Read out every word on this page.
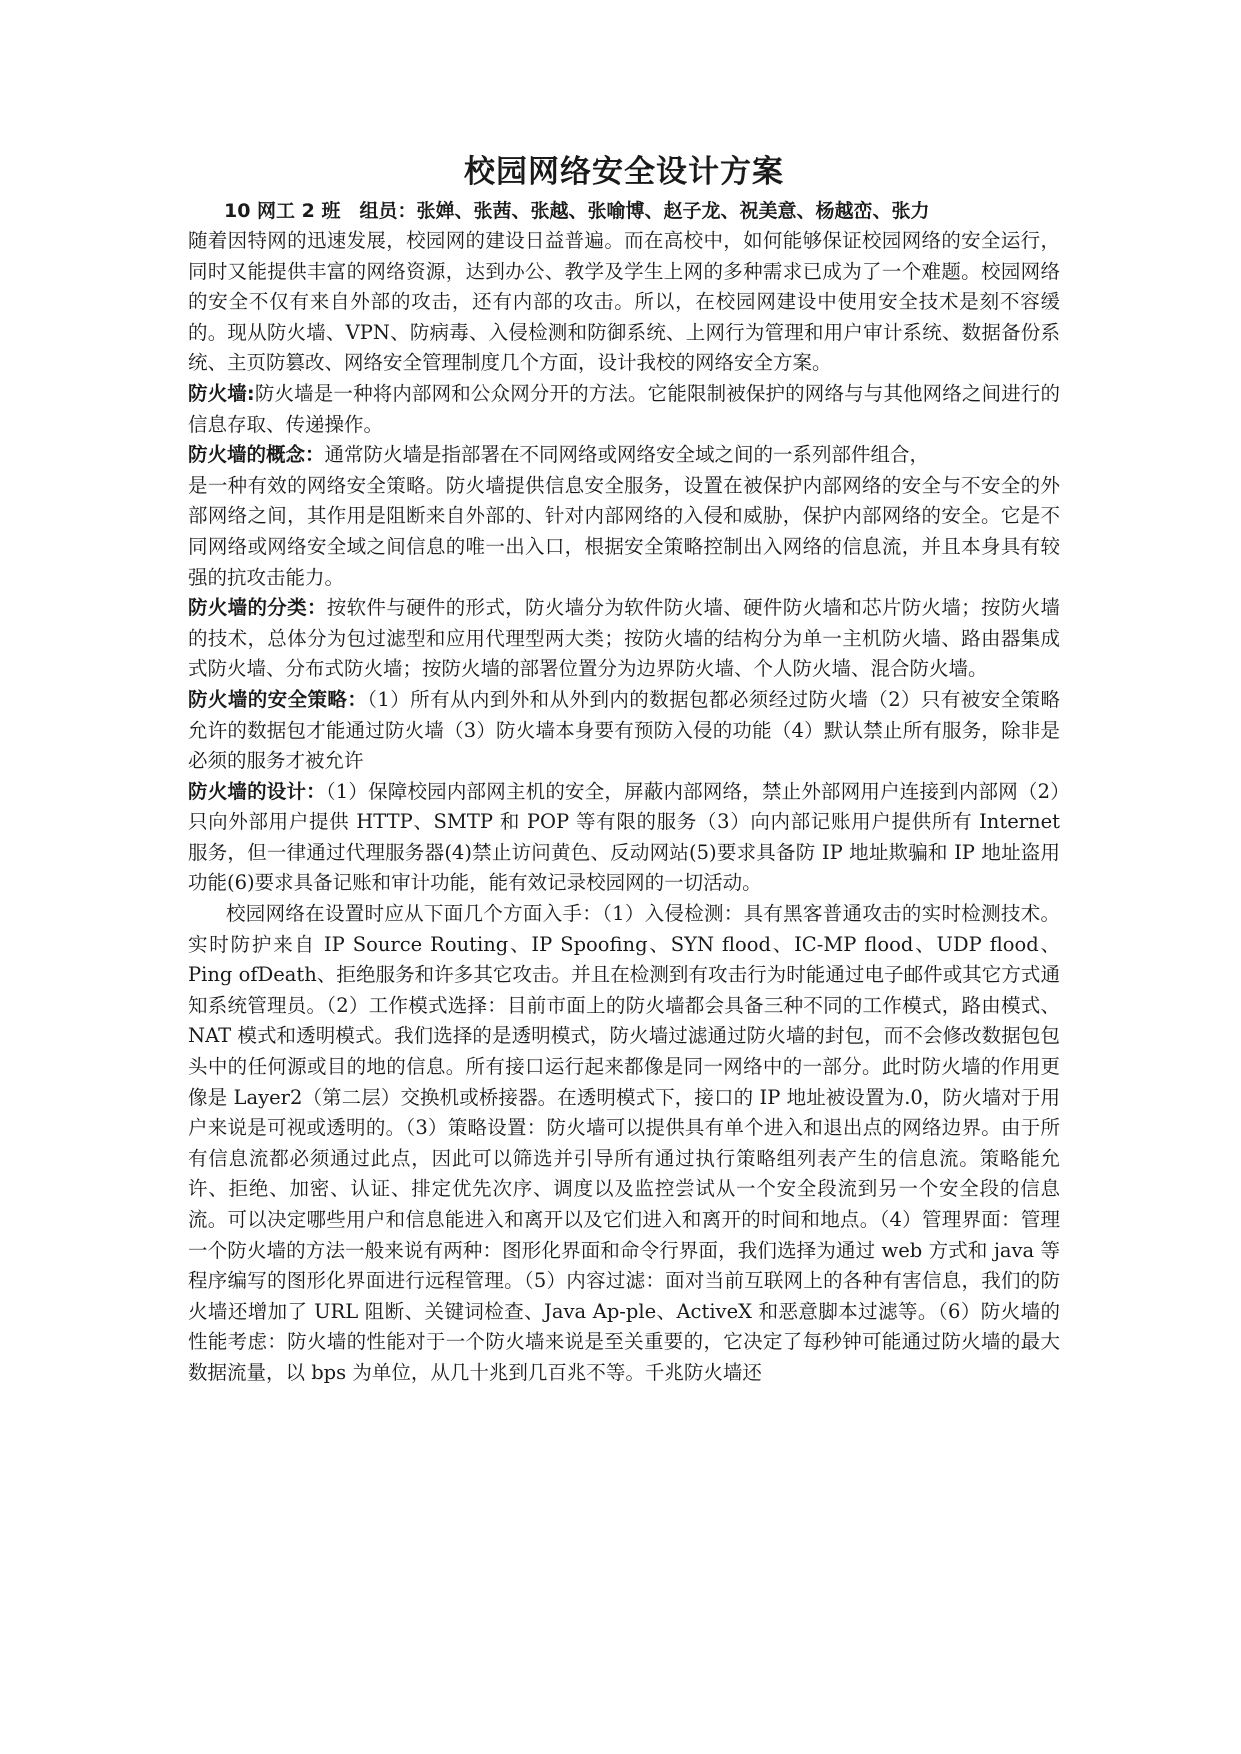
校园网络安全设计方案
10 网工 2 班　组员：张婵、张茜、张越、张喻博、赵子龙、祝美意、杨越峦、张力

随着因特网的迅速发展，校园网的建设日益普遍。而在高校中，如何能够保证校园网络的安全运行，同时又能提供丰富的网络资源，达到办公、教学及学生上网的多种需求已成为了一个难题。校园网络的安全不仅有来自外部的攻击，还有内部的攻击。所以，在校园网建设中使用安全技术是刻不容缓的。现从防火墙、VPN、防病毒、入侵检测和防御系统、上网行为管理和用户审计系统、数据备份系统、主页防篡改、网络安全管理制度几个方面，设计我校的网络安全方案。

防火墙:防火墙是一种将内部网和公众网分开的方法。它能限制被保护的网络与与其他网络之间进行的信息存取、传递操作。

防火墙的概念：通常防火墙是指部署在不同网络或网络安全域之间的一系列部件组合，

是一种有效的网络安全策略。防火墙提供信息安全服务，设置在被保护内部网络的安全与不安全的外部网络之间，其作用是阻断来自外部的、针对内部网络的入侵和威胁，保护内部网络的安全。它是不同网络或网络安全域之间信息的唯一出入口，根据安全策略控制出入网络的信息流，并且本身具有较强的抗攻击能力。

防火墙的分类：按软件与硬件的形式，防火墙分为软件防火墙、硬件防火墙和芯片防火墙；按防火墙的技术，总体分为包过滤型和应用代理型两大类；按防火墙的结构分为单一主机防火墙、路由器集成式防火墙、分布式防火墙；按防火墙的部署位置分为边界防火墙、个人防火墙、混合防火墙。

防火墙的安全策略：（1）所有从内到外和从外到内的数据包都必须经过防火墙（2）只有被安全策略允许的数据包才能通过防火墙（3）防火墙本身要有预防入侵的功能（4）默认禁止所有服务，除非是必须的服务才被允许

防火墙的设计：（1）保障校园内部网主机的安全，屏蔽内部网络，禁止外部网用户连接到内部网（2）只向外部用户提供 HTTP、SMTP 和 POP 等有限的服务（3）向内部记账用户提供所有 Internet 服务，但一律通过代理服务器(4)禁止访问黄色、反动网站(5)要求具备防 IP 地址欺骗和 IP 地址盗用功能(6)要求具备记账和审计功能，能有效记录校园网的一切活动。

校园网络在设置时应从下面几个方面入手：（1）入侵检测：具有黑客普通攻击的实时检测技术。实时防护来自 IP Source Routing、IP Spoofing、SYN flood、IC-MP flood、UDP flood、Ping ofDeath、拒绝服务和许多其它攻击。并且在检测到有攻击行为时能通过电子邮件或其它方式通知系统管理员。（2）工作模式选择：目前市面上的防火墙都会具备三种不同的工作模式，路由模式、NAT 模式和透明模式。我们选择的是透明模式，防火墙过滤通过防火墙的封包，而不会修改数据包包头中的任何源或目的地的信息。所有接口运行起来都像是同一网络中的一部分。此时防火墙的作用更像是 Layer2（第二层）交换机或桥接器。在透明模式下，接口的 IP 地址被设置为.0，防火墙对于用户来说是可视或透明的。（3）策略设置：防火墙可以提供具有单个进入和退出点的网络边界。由于所有信息流都必须通过此点，因此可以筛选并引导所有通过执行策略组列表产生的信息流。策略能允许、拒绝、加密、认证、排定优先次序、调度以及监控尝试从一个安全段流到另一个安全段的信息流。可以决定哪些用户和信息能进入和离开以及它们进入和离开的时间和地点。（4）管理界面：管理一个防火墙的方法一般来说有两种：图形化界面和命令行界面，我们选择为通过 web 方式和 java 等程序编写的图形化界面进行远程管理。（5）内容过滤：面对当前互联网上的各种有害信息，我们的防火墙还增加了 URL 阻断、关键词检查、Java Ap-ple、ActiveX 和恶意脚本过滤等。（6）防火墙的性能考虑：防火墙的性能对于一个防火墙来说是至关重要的，它决定了每秒钟可能通过防火墙的最大数据流量，以 bps 为单位，从几十兆到几百兆不等。千兆防火墙还
